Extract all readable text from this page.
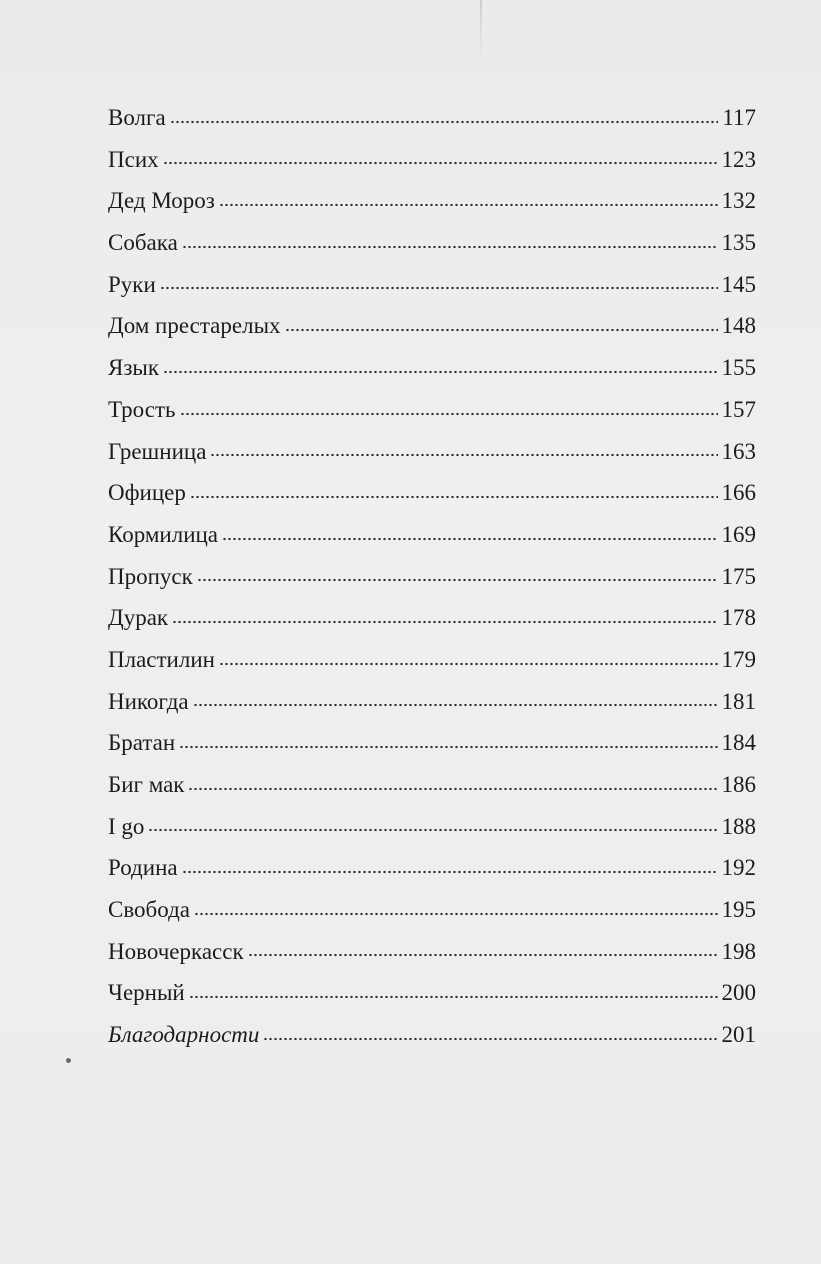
Волга	117
Псих	123
Дед Мороз	132
Собака	135
Руки	145
Дом престарелых	148
Язык	155
Трость	157
Грешница	163
Офицер	166
Кормилица	169
Пропуск	175
Дурак	178
Пластилин	179
Никогда	181
Братан	184
Биг мак	186
I go	188
Родина	192
Свобода	195
Новочеркасск	198
Черный	200
Благодарности	201
